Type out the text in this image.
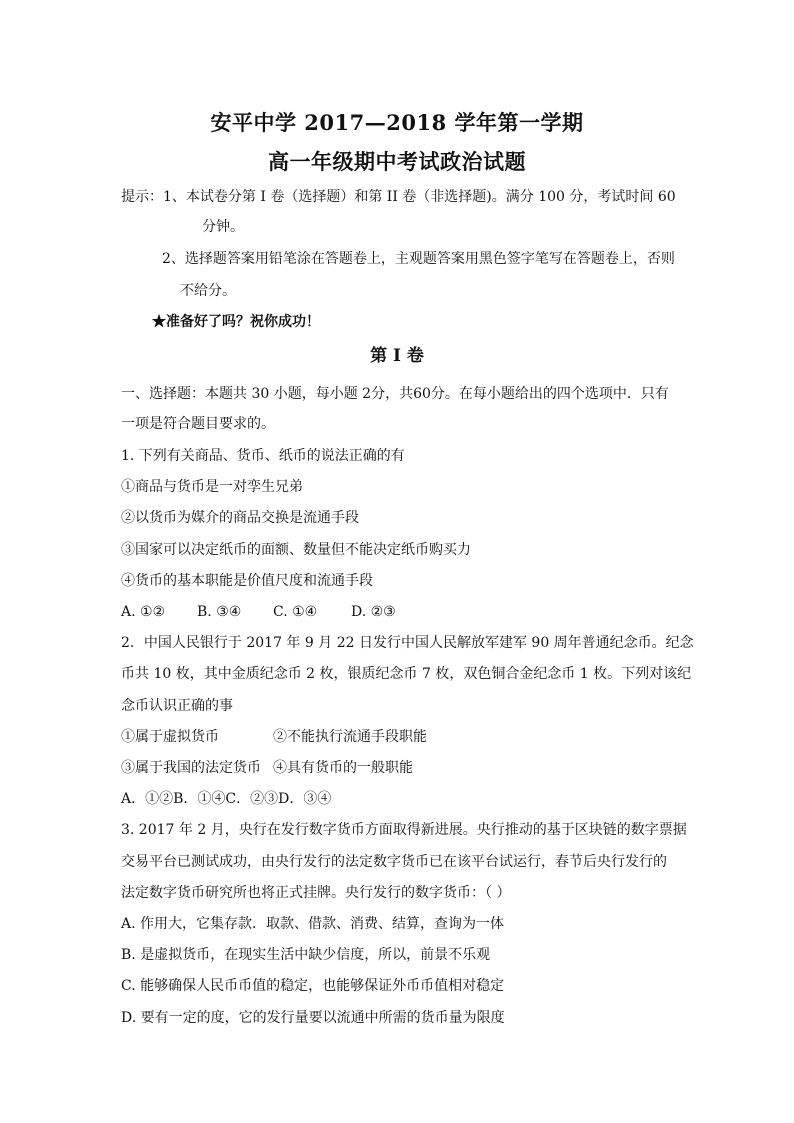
安平中学 2017—2018 学年第一学期
高一年级期中考试政治试题
提示：1、本试卷分第 I 卷（选择题）和第 II 卷（非选择题)。满分 100 分，考试时间 60
分钟。
2、选择题答案用铅笔涂在答题卷上，主观题答案用黑色签字笔写在答题卷上，否则
不给分。
★准备好了吗？祝你成功！
第 I 卷
一、选择题：本题共 30 小题，每小题 2分，共60分。在每小题给出的四个选项中．只有
一项是符合题目要求的。
1. 下列有关商品、货币、纸币的说法正确的有
①商品与货币是一对孪生兄弟
②以货币为媒介的商品交换是流通手段
③国家可以决定纸币的面额、数量但不能决定纸币购买力
④货币的基本职能是价值尺度和流通手段
A. ①② B. ③④ C. ①④ D. ②③
2．中国人民银行于 2017 年 9 月 22 日发行中国人民解放军建军 90 周年普通纪念币。纪念
币共 10 枚，其中金质纪念币 2 枚，银质纪念币 7 枚，双色铜合金纪念币 1 枚。下列对该纪
念币认识正确的事
①属于虚拟货币	②不能执行流通手段职能
③属于我国的法定货币 ④具有货币的一般职能
A．①②B．①④C．②③D．③④
3. 2017 年 2 月，央行在发行数字货币方面取得新进展。央行推动的基于区块链的数字票据
交易平台已测试成功，由央行发行的法定数字货币已在该平台试运行，春节后央行发行的
法定数字货币研究所也将正式挂牌。央行发行的数字货币：（ ）
A. 作用大，它集存款．取款、借款、消费、结算，查询为一体
B. 是虚拟货币，在现实生活中缺少信度，所以，前景不乐观
C. 能够确保人民币币值的稳定，也能够保证外币币值相对稳定
D. 要有一定的度，它的发行量要以流通中所需的货币量为限度
